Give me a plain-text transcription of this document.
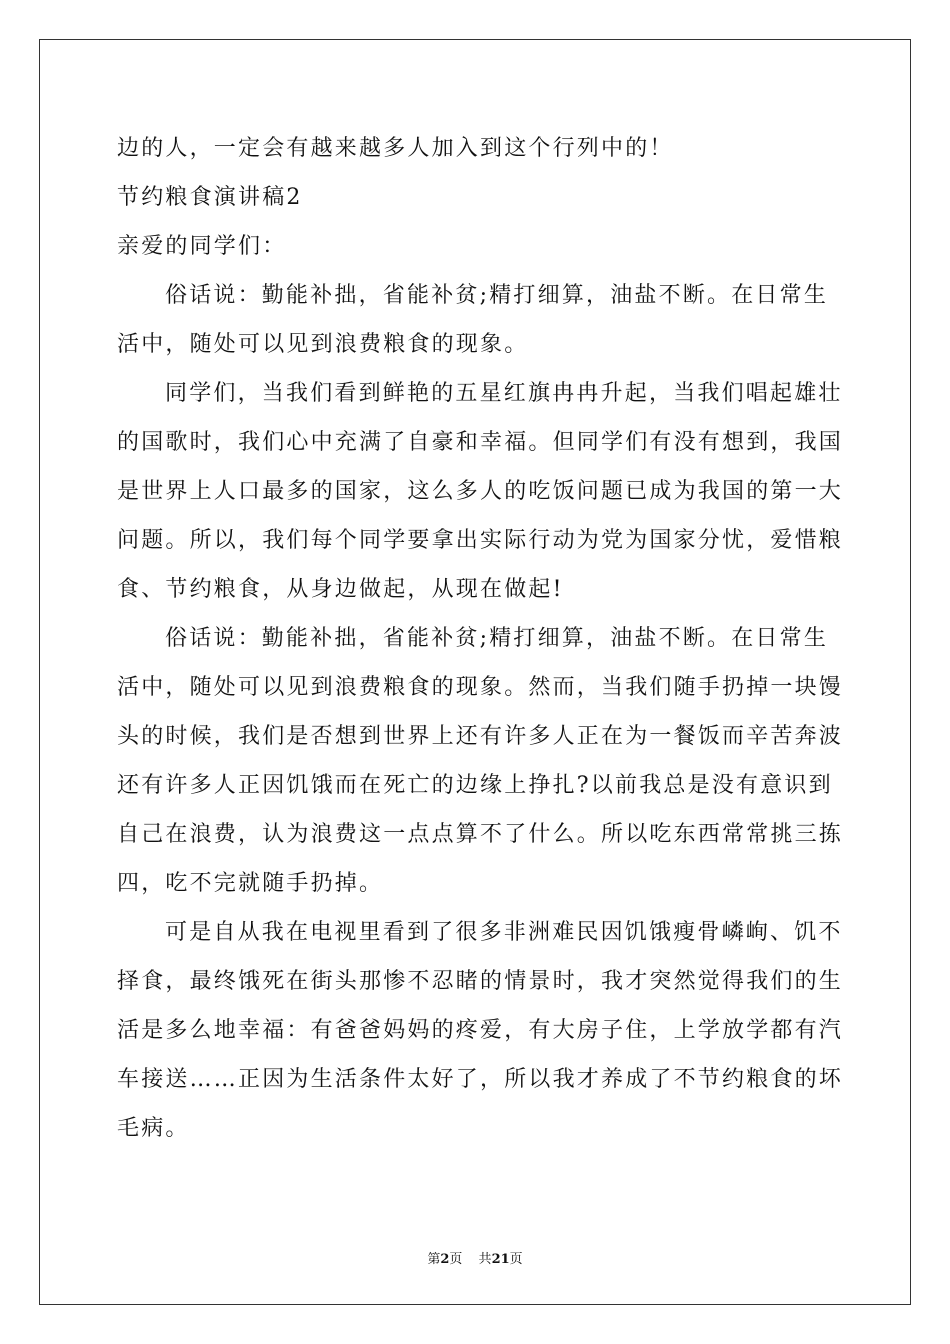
边的人，一定会有越来越多人加入到这个行列中的！
节约粮食演讲稿2
亲爱的同学们：
俗话说：勤能补拙，省能补贫;精打细算，油盐不断。在日常生
活中，随处可以见到浪费粮食的现象。
同学们，当我们看到鲜艳的五星红旗冉冉升起，当我们唱起雄壮
的国歌时，我们心中充满了自豪和幸福。但同学们有没有想到，我国
是世界上人口最多的国家，这么多人的吃饭问题已成为我国的第一大
问题。所以，我们每个同学要拿出实际行动为党为国家分忧，爱惜粮
食、节约粮食，从身边做起，从现在做起!
俗话说：勤能补拙，省能补贫;精打细算，油盐不断。在日常生
活中，随处可以见到浪费粮食的现象。然而，当我们随手扔掉一块馒
头的时候，我们是否想到世界上还有许多人正在为一餐饭而辛苦奔波
还有许多人正因饥饿而在死亡的边缘上挣扎?以前我总是没有意识到
自己在浪费，认为浪费这一点点算不了什么。所以吃东西常常挑三拣
四，吃不完就随手扔掉。
可是自从我在电视里看到了很多非洲难民因饥饿瘦骨嶙峋、饥不
择食，最终饿死在街头那惨不忍睹的情景时，我才突然觉得我们的生
活是多么地幸福：有爸爸妈妈的疼爱，有大房子住，上学放学都有汽
车接送……正因为生活条件太好了，所以我才养成了不节约粮食的坏
毛病。
第2页 共21页
